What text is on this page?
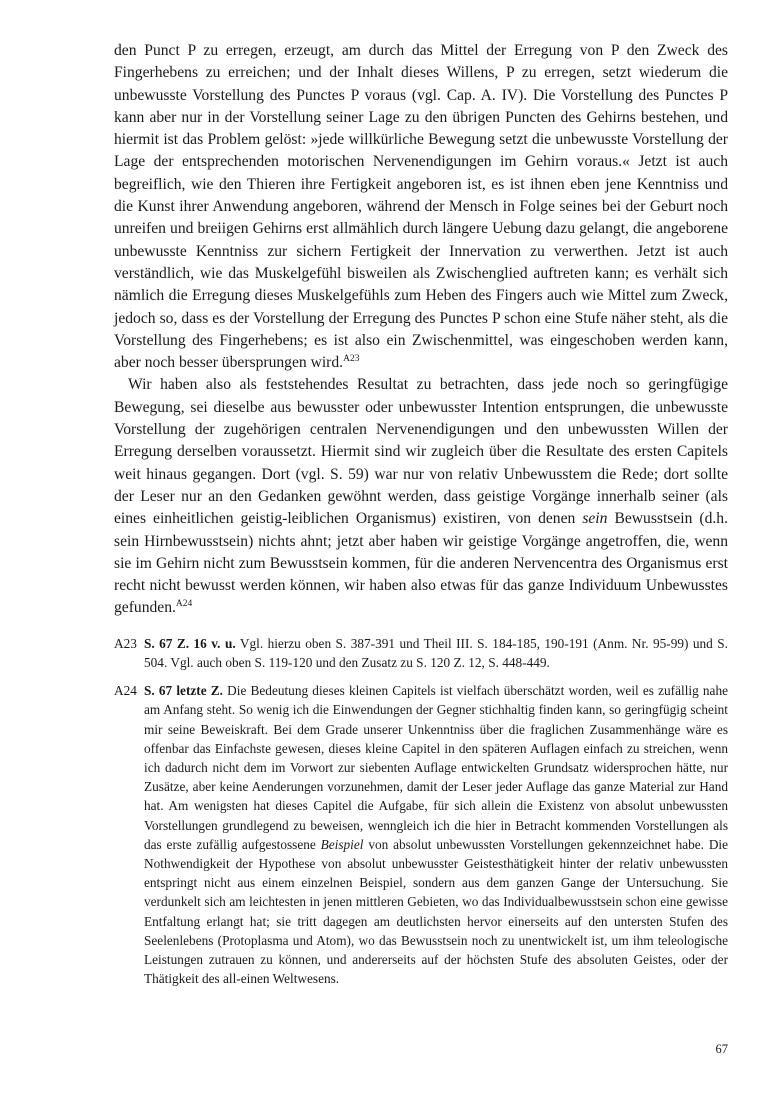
den Punct P zu erregen, erzeugt, am durch das Mittel der Erregung von P den Zweck des Fingerhebens zu erreichen; und der Inhalt dieses Willens, P zu erregen, setzt wiederum die unbewusste Vorstellung des Punctes P voraus (vgl. Cap. A. IV). Die Vorstellung des Punctes P kann aber nur in der Vorstellung seiner Lage zu den übrigen Puncten des Gehirns bestehen, und hiermit ist das Problem gelöst: »jede willkürliche Bewegung setzt die unbewusste Vorstellung der Lage der entsprechenden motorischen Nervenendigungen im Gehirn voraus.« Jetzt ist auch begreiflich, wie den Thieren ihre Fertigkeit angeboren ist, es ist ihnen eben jene Kenntniss und die Kunst ihrer Anwendung angeboren, während der Mensch in Folge seines bei der Geburt noch unreifen und breiigen Gehirns erst allmählich durch längere Uebung dazu gelangt, die angeborene unbewusste Kenntniss zur sichern Fertigkeit der Innervation zu verwerthen. Jetzt ist auch verständlich, wie das Muskelgefühl bisweilen als Zwischenglied auftreten kann; es verhält sich nämlich die Erregung dieses Muskelgefühls zum Heben des Fingers auch wie Mittel zum Zweck, jedoch so, dass es der Vorstellung der Erregung des Punctes P schon eine Stufe näher steht, als die Vorstellung des Fingerhebens; es ist also ein Zwischenmittel, was eingeschoben werden kann, aber noch besser übersprungen wird.$^{A23}$

Wir haben also als feststehendes Resultat zu betrachten, dass jede noch so geringfügige Bewegung, sei dieselbe aus bewusster oder unbewusster Intention entsprungen, die unbewusste Vorstellung der zugehörigen centralen Nervenendigungen und den unbewussten Willen der Erregung derselben voraussetzt. Hiermit sind wir zugleich über die Resultate des ersten Capitels weit hinaus gegangen. Dort (vgl. S. 59) war nur von relativ Unbewusstem die Rede; dort sollte der Leser nur an den Gedanken gewöhnt werden, dass geistige Vorgänge innerhalb seiner (als eines einheitlichen geistig-leiblichen Organismus) existiren, von denen sein Bewusstsein (d.h. sein Hirnbewusstsein) nichts ahnt; jetzt aber haben wir geistige Vorgänge angetroffen, die, wenn sie im Gehirn nicht zum Bewusstsein kommen, für die anderen Nervencentra des Organismus erst recht nicht bewusst werden können, wir haben also etwas für das ganze Individuum Unbewusstes gefunden.$^{A24}$

A23 S. 67 Z. 16 v. u. Vgl. hierzu oben S. 387-391 und Theil III. S. 184-185, 190-191 (Anm. Nr. 95-99) und S. 504. Vgl. auch oben S. 119-120 und den Zusatz zu S. 120 Z. 12, S. 448-449.

A24 S. 67 letzte Z. Die Bedeutung dieses kleinen Capitels ist vielfach überschätzt worden, weil es zufällig nahe am Anfang steht. So wenig ich die Einwendungen der Gegner stichhaltig finden kann, so geringfügig scheint mir seine Beweiskraft. Bei dem Grade unserer Unkenntniss über die fraglichen Zusammenhänge wäre es offenbar das Einfachste gewesen, dieses kleine Capitel in den späteren Auflagen einfach zu streichen, wenn ich dadurch nicht dem im Vorwort zur siebenten Auflage entwickelten Grundsatz widersprochen hätte, nur Zusätze, aber keine Aenderungen vorzunehmen, damit der Leser jeder Auflage das ganze Material zur Hand hat. Am wenigsten hat dieses Capitel die Aufgabe, für sich allein die Existenz von absolut unbewussten Vorstellungen grundlegend zu beweisen, wenngleich ich die hier in Betracht kommenden Vorstellungen als das erste zufällig aufgestossene Beispiel von absolut unbewussten Vorstellungen gekennzeichnet habe. Die Nothwendigkeit der Hypothese von absolut unbewusster Geistesthätigkeit hinter der relativ unbewussten entspringt nicht aus einem einzelnen Beispiel, sondern aus dem ganzen Gange der Untersuchung. Sie verdunkelt sich am leichtesten in jenen mittleren Gebieten, wo das Individualbewusstsein schon eine gewisse Entfaltung erlangt hat; sie tritt dagegen am deutlichsten hervor einerseits auf den untersten Stufen des Seelenlebens (Protoplasma und Atom), wo das Bewusstsein noch zu unentwickelt ist, um ihm teleologische Leistungen zutrauen zu können, und andererseits auf der höchsten Stufe des absoluten Geistes, oder der Thätigkeit des all-einen Weltwesens.

67
